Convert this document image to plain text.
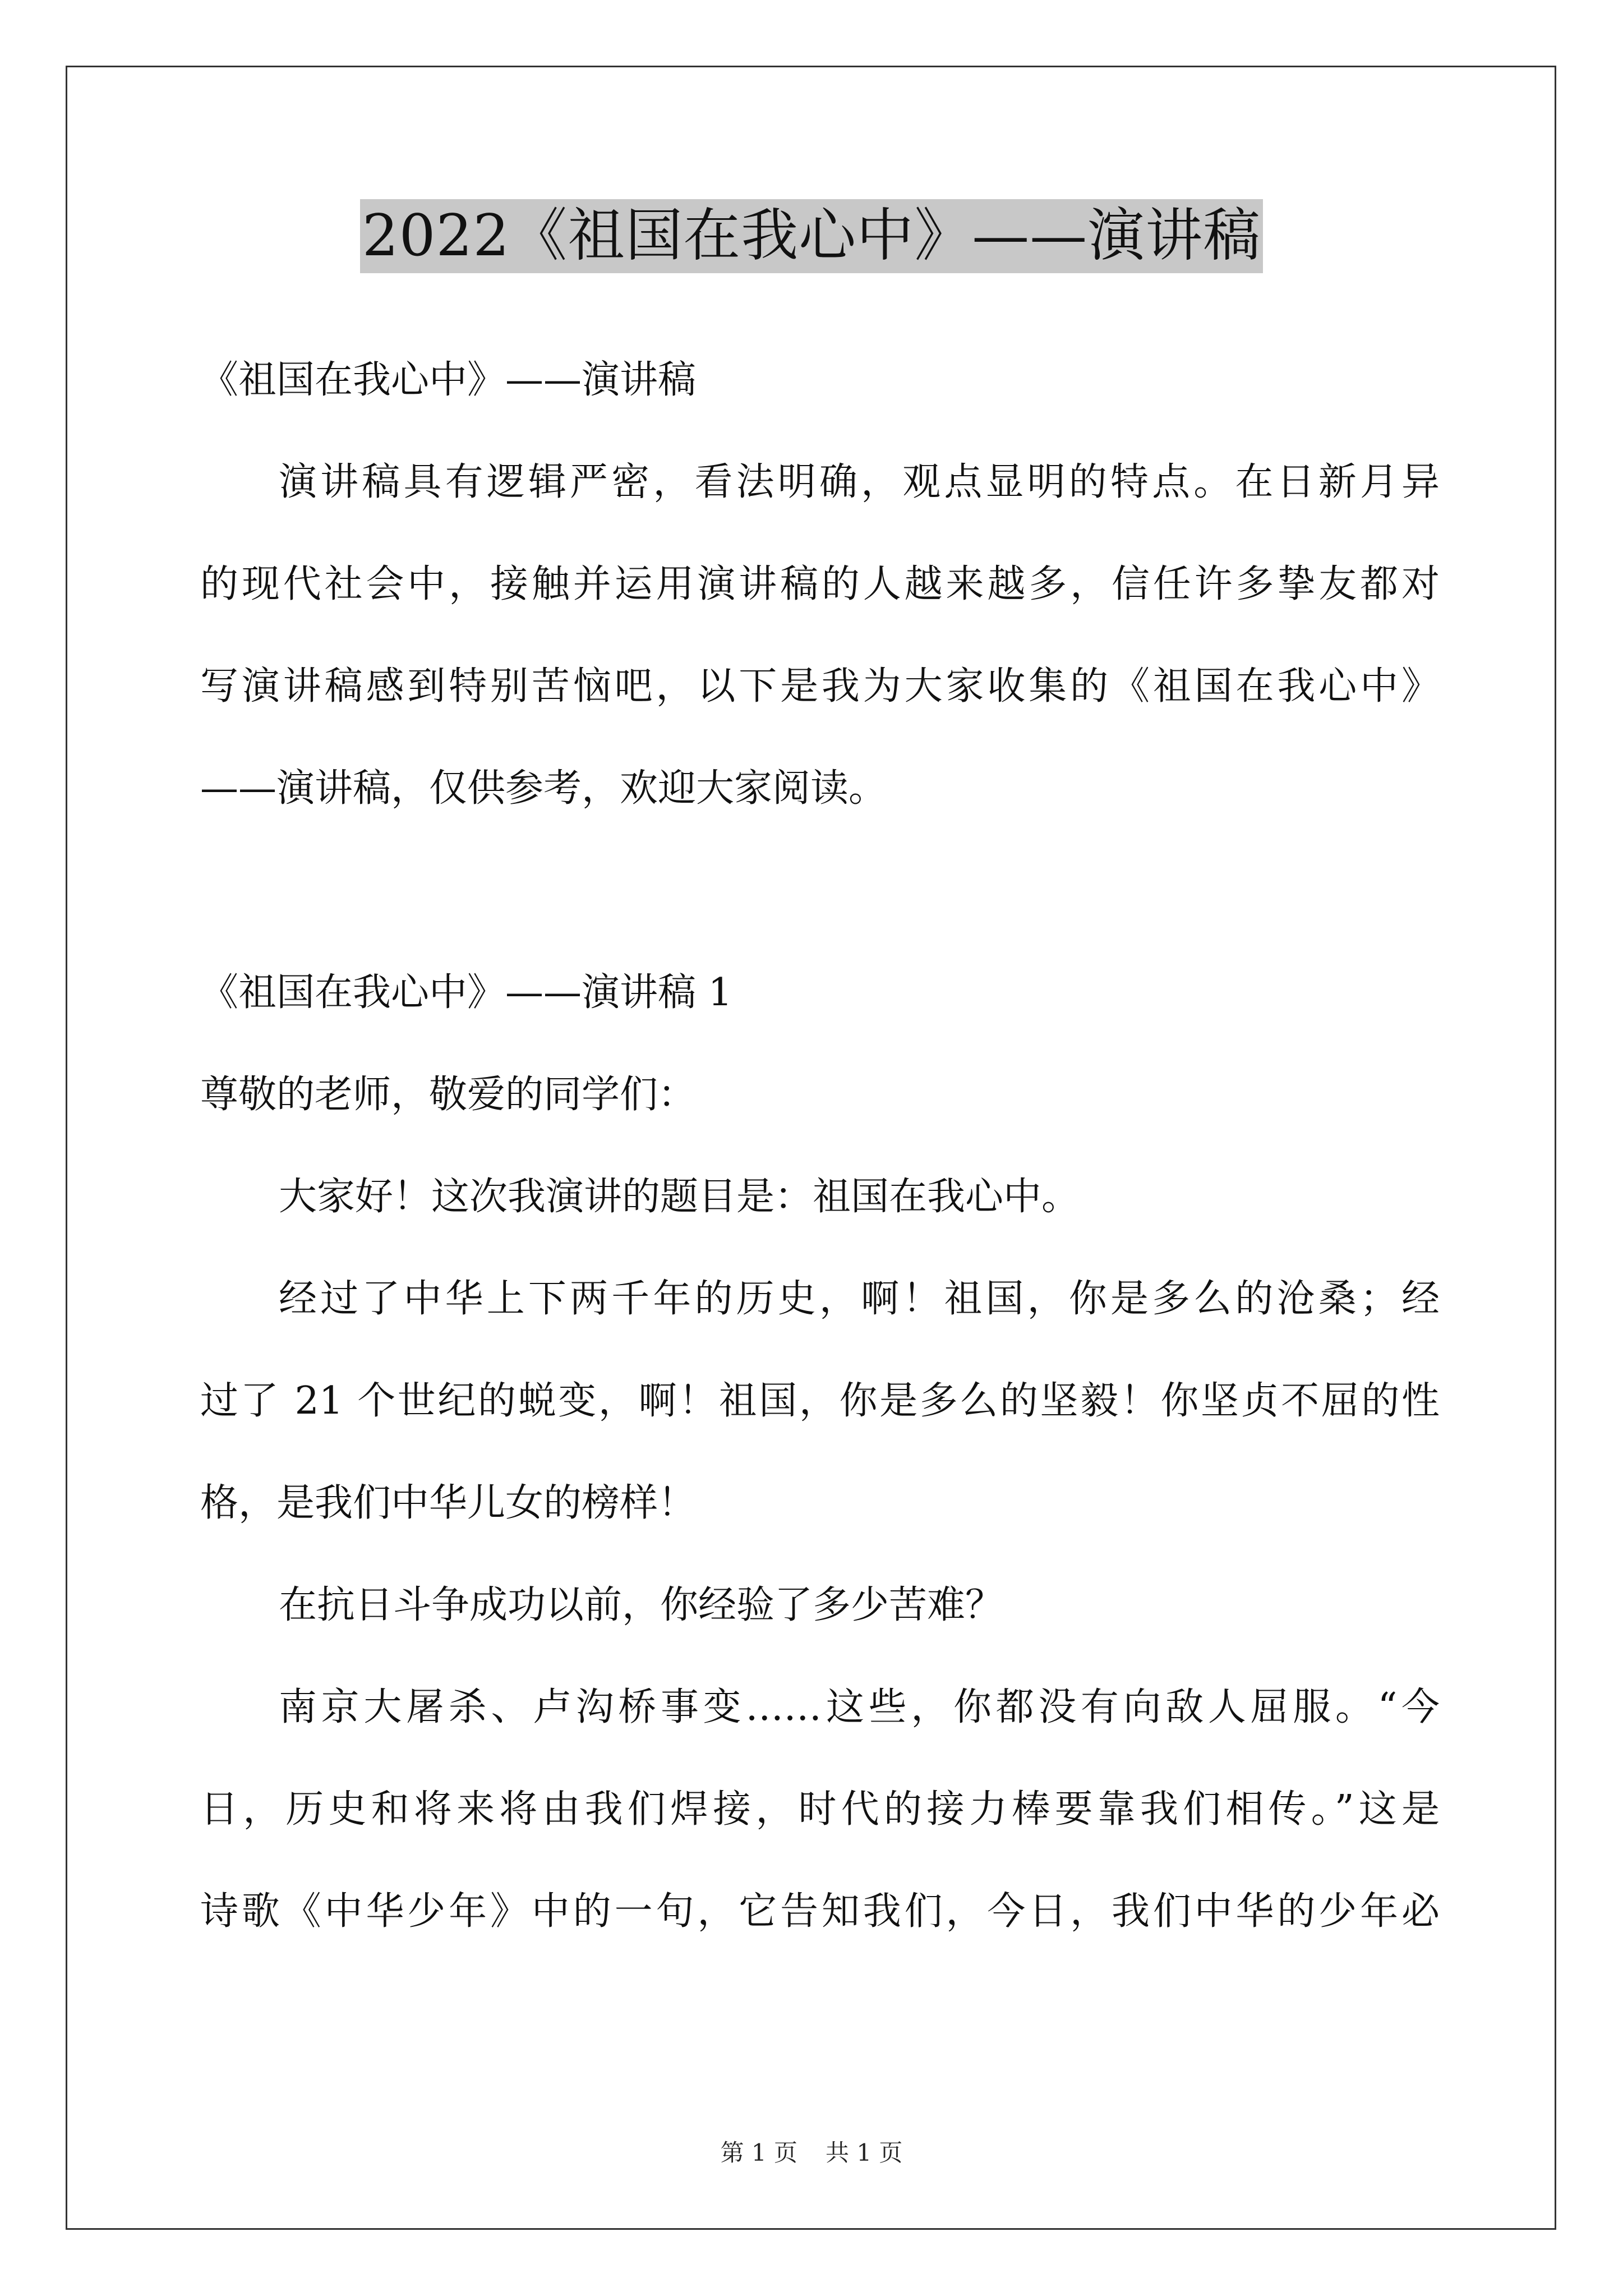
2022《祖国在我心中》——演讲稿
《祖国在我心中》——演讲稿
演讲稿具有逻辑严密，看法明确，观点显明的特点。在日新月异
的现代社会中，接触并运用演讲稿的人越来越多，信任许多挚友都对
写演讲稿感到特别苦恼吧，以下是我为大家收集的《祖国在我心中》
——演讲稿，仅供参考，欢迎大家阅读。
《祖国在我心中》——演讲稿 1
尊敬的老师，敬爱的同学们：
大家好！这次我演讲的题目是：祖国在我心中。
经过了中华上下两千年的历史，啊！祖国，你是多么的沧桑；经
过了 21 个世纪的蜕变，啊！祖国，你是多么的坚毅！你坚贞不屈的性
格，是我们中华儿女的榜样！
在抗日斗争成功以前，你经验了多少苦难？
南京大屠杀、卢沟桥事变……这些，你都没有向敌人屈服。“今
日，历史和将来将由我们焊接，时代的接力棒要靠我们相传。”这是
诗歌《中华少年》中的一句，它告知我们，今日，我们中华的少年必
第 1 页 共 1 页
